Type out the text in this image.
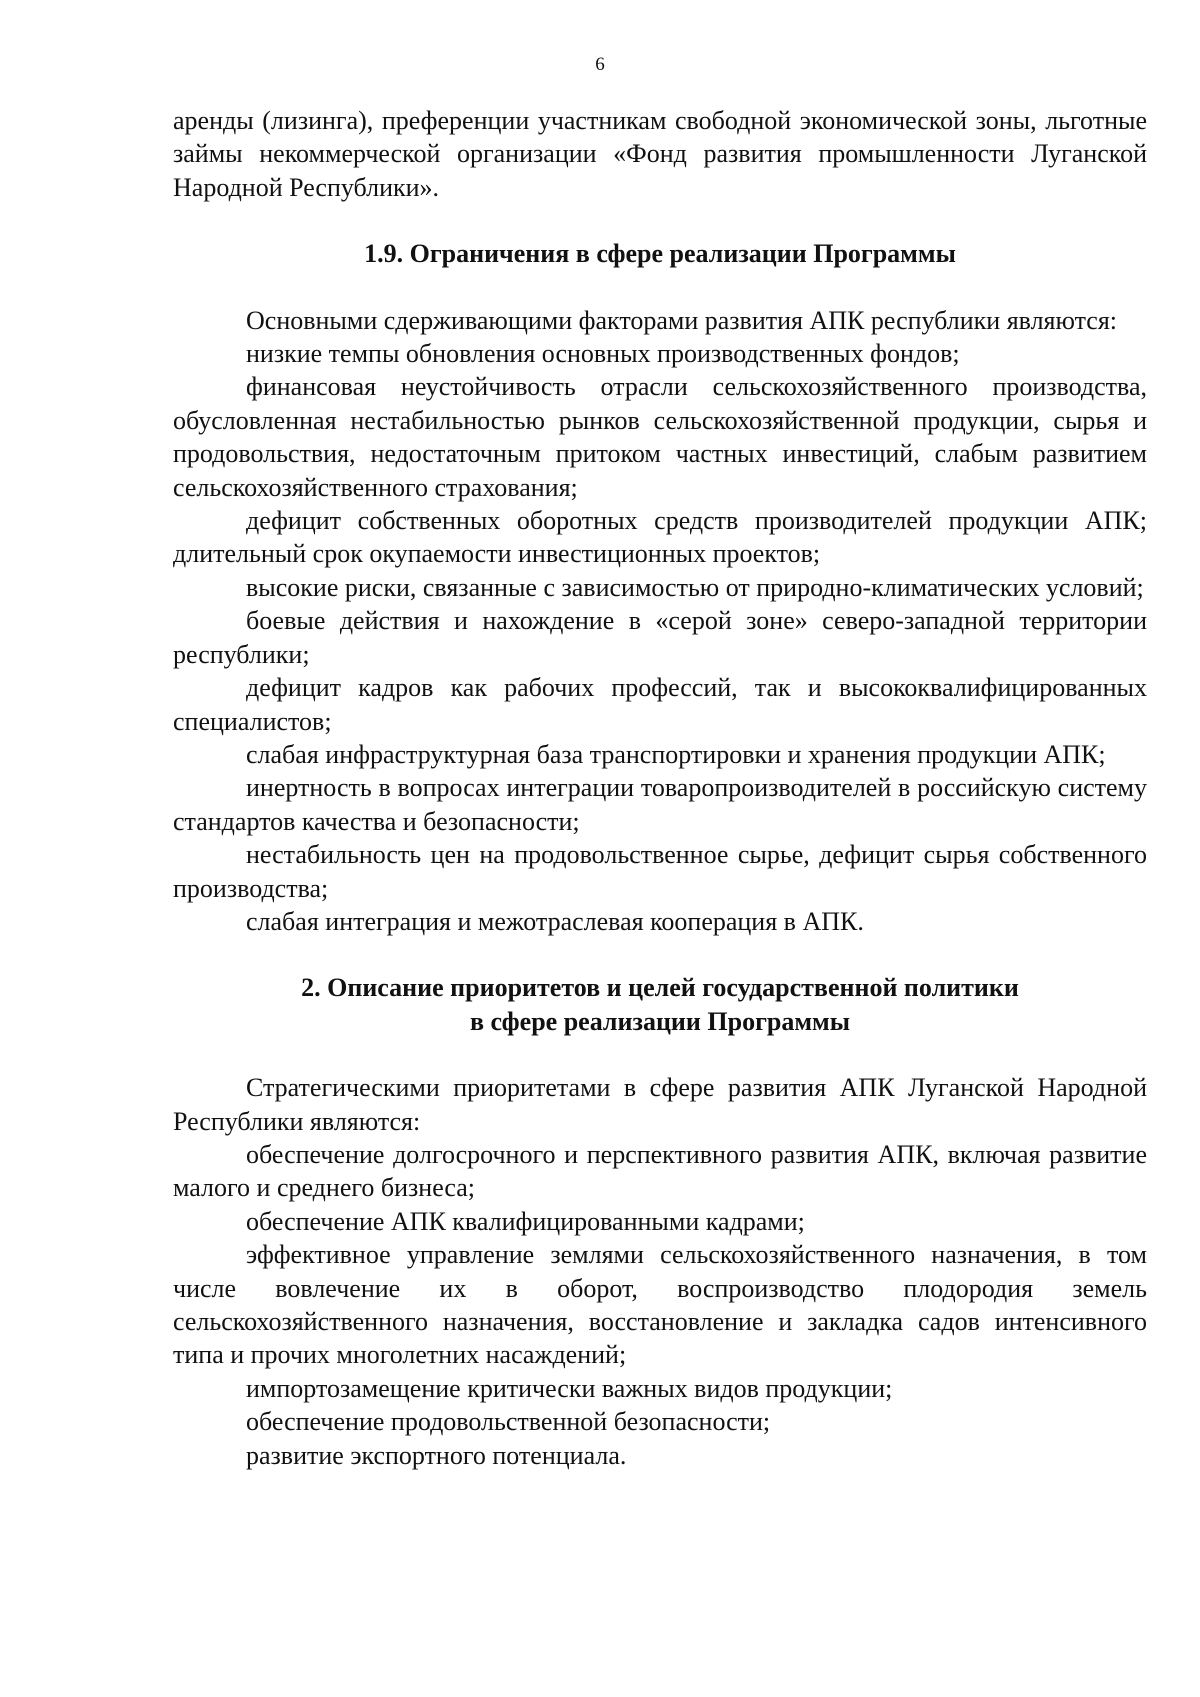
6

аренды (лизинга), преференции участникам свободной экономической зоны, льготные займы некоммерческой организации «Фонд развития промышленности Луганской Народной Республики».

1.9. Ограничения в сфере реализации Программы

Основными сдерживающими факторами развития АПК республики являются:

низкие темпы обновления основных производственных фондов;

финансовая неустойчивость отрасли сельскохозяйственного производства, обусловленная нестабильностью рынков сельскохозяйственной продукции, сырья и продовольствия, недостаточным притоком частных инвестиций, слабым развитием сельскохозяйственного страхования;

дефицит собственных оборотных средств производителей продукции АПК; длительный срок окупаемости инвестиционных проектов;

высокие риски, связанные с зависимостью от природно-климатических условий;

боевые действия и нахождение в «серой зоне» северо-западной территории республики;

дефицит кадров как рабочих профессий, так и высококвалифицированных специалистов;

слабая инфраструктурная база транспортировки и хранения продукции АПК;

инертность в вопросах интеграции товаропроизводителей в российскую систему стандартов качества и безопасности;

нестабильность цен на продовольственное сырье, дефицит сырья собственного производства;

слабая интеграция и межотраслевая кооперация в АПК.

2. Описание приоритетов и целей государственной политики
в сфере реализации Программы

Стратегическими приоритетами в сфере развития АПК Луганской Народной Республики являются:

обеспечение долгосрочного и перспективного развития АПК, включая развитие малого и среднего бизнеса;

обеспечение АПК квалифицированными кадрами;

эффективное управление землями сельскохозяйственного назначения, в том числе вовлечение их в оборот, воспроизводство плодородия земель сельскохозяйственного назначения, восстановление и закладка садов интенсивного типа и прочих многолетних насаждений;

импортозамещение критически важных видов продукции;

обеспечение продовольственной безопасности;

развитие экспортного потенциала.
